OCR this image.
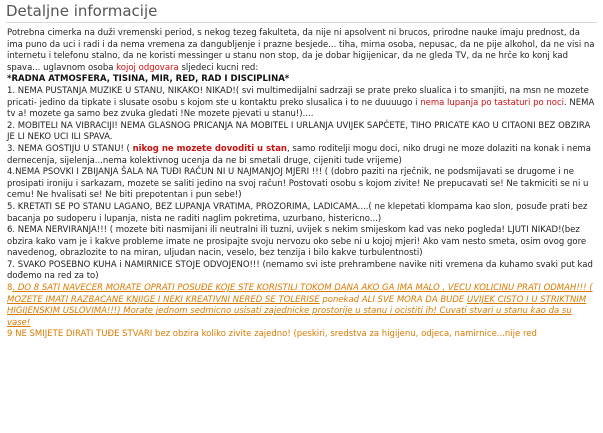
Detaljne informacije

Potrebna cimerka na duži vremenski period, s nekog tezeg fakulteta, da nije ni apsolvent ni brucos, prirodne nauke imaju prednost, da ima puno da uci i radi i da nema vremena za dangubljenje i prazne besjede... tiha, mirna osoba, nepusac, da ne pije alkohol, da ne visi na internetu i telefonu stalno, da ne koristi messinger u stanu non stop, da je dobar higijenicar, da ne gleda TV, da ne hrče ko konj kad spava... uglavnom osoba kojoj odgovara sljedeci kucni red:

*RADNA ATMOSFERA, TISINA, MIR, RED, RAD I DISCIPLINA*

1. NEMA PUSTANJA MUZIKE U STANU, NIKAKO! NIKAD!( svi multimedijalni sadrzaji se prate preko slualica i to smanjiti, na msn ne mozete pricati- jedino da tipkate i slusate osobu s kojom ste u kontaktu preko slusalica i to ne duuuugo i nema lupanja po tastaturi po noci. NEMA tv a! mozete ga samo bez zvuka gledati !Ne mozete pjevati u stanu!)....

2. MOBITELI NA VIBRACIJI! NEMA GLASNOG PRICANJA NA MOBITEL I URLANJA UVIJEK SAPĆETE, TIHO PRICATE KAO U CITAONI BEZ OBZIRA JE LI NEKO UCI ILI SPAVA.

3. NEMA GOSTIJU U STANU! ( nikog ne mozete dovoditi u stan, samo roditelji mogu doci, niko drugi ne moze dolaziti na konak i nema dernecenja, sijelenja...nema kolektivnog ucenja da ne bi smetali druge, cijeniti tude vrijeme)

4.NEMA PSOVKI I ZBIJANJA ŠALA NA TUĐI RAČUN NI U NAJMANJOJ MJERI !!! ( (dobro paziti na rječnik, ne podsmijavati se drugome i ne prosipati ironiju i sarkazam, mozete se saliti jedino na svoj račun! Postovati osobu s kojom zivite! Ne prepucavati se! Ne takmiciti se ni u cemu! Ne hvalisati se! Ne biti prepotentan i pun sebe!)

5. KRETATI SE PO STANU LAGANO, BEZ LUPANJA VRATIMA, PROZORIMA, LADICAMA....( ne klepetati klompama kao slon, posuđe prati bez bacanja po sudoperu i lupanja, nista ne raditi naglim pokretima, uzurbano, histericno...)

6. NEMA NERVIRANJA!!! ( mozete biti nasmijani ili neutralni ili tuzni, uvijek s nekim smijeskom kad vas neko pogleda! LJUTI NIKAD!(bez obzira kako vam je i kakve probleme imate ne prosipajte svoju nervozu oko sebe ni u kojoj mjeri! Ako vam nesto smeta, osim ovog gore navedenog, obrazlozite to na miran, uljudan nacin, veselo, bez tenzija i bilo kakve turbulentnosti)

7. SVAKO POSEBNO KUHA i NAMIRNICE STOJE ODVOJENO!!! (nemamo svi iste prehrambene navike niti vremena da kuhamo svaki put kad dođemo na red za to)

8. DO 8 SATI NAVECER MORATE OPRATI POSUĐE KOJE STE KORISTILI TOKOM DANA AKO GA IMA MALO , VECU KOLICINU PRATI ODMAH!!! ( MOZETE IMATI RAZBACANE KNJIGE I NEKI KREATIVNI NERED SE TOLERISE ponekad ALI SVE MORA DA BUDE UVIJEK CISTO I U STRIKTNIM HIGIJENSKIM USLOVIMA!!!) Morate jednom sedmicno usisati zajednicke prostorije u stanu i ocistiti ih! Cuvati stvari u stanu kao da su vase!

9 NE SMIJETE DIRATI TUĐE STVARI bez obzira koliko zivite zajedno! (peskiri, sredstva za higijenu, odjeca, namirnice...nije red
